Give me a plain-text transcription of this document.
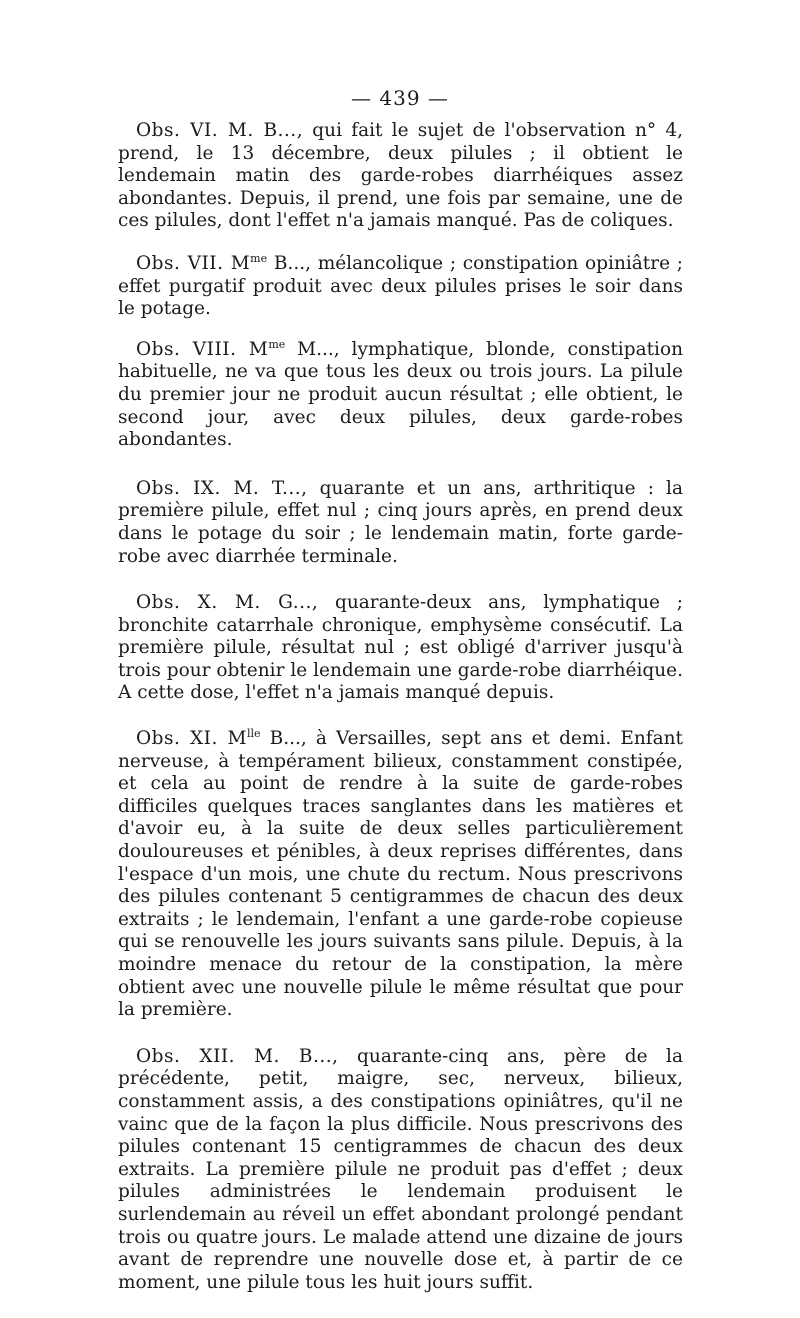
— 439 —

Obs. VI. M. B..., qui fait le sujet de l'observation n° 4, prend, le 13 décembre, deux pilules ; il obtient le lendemain matin des garde-robes diarrhéiques assez abondantes. Depuis, il prend, une fois par semaine, une de ces pilules, dont l'effet n'a jamais manqué. Pas de coliques.

Obs. VII. $M^{me}$ B..., mélancolique ; constipation opiniâtre ; effet purgatif produit avec deux pilules prises le soir dans le potage.

Obs. VIII. $M^{me}$ M..., lymphatique, blonde, constipation habituelle, ne va que tous les deux ou trois jours. La pilule du premier jour ne produit aucun résultat ; elle obtient, le second jour, avec deux pilules, deux garde-robes abondantes.

Obs. IX. M. T..., quarante et un ans, arthritique : la première pilule, effet nul ; cinq jours après, en prend deux dans le potage du soir ; le lendemain matin, forte garde-robe avec diarrhée terminale.

Obs. X. M. G..., quarante-deux ans, lymphatique ; bronchite catarrhale chronique, emphysème consécutif. La première pilule, résultat nul ; est obligé d'arriver jusqu'à trois pour obtenir le lendemain une garde-robe diarrhéique. A cette dose, l'effet n'a jamais manqué depuis.

Obs. XI. $M^{lle}$ B..., à Versailles, sept ans et demi. Enfant nerveuse, à tempérament bilieux, constamment constipée, et cela au point de rendre à la suite de garde-robes difficiles quelques traces sanglantes dans les matières et d'avoir eu, à la suite de deux selles particulièrement douloureuses et pénibles, à deux reprises différentes, dans l'espace d'un mois, une chute du rectum. Nous prescrivons des pilules contenant 5 centigrammes de chacun des deux extraits ; le lendemain, l'enfant a une garde-robe copieuse qui se renouvelle les jours suivants sans pilule. Depuis, à la moindre menace du retour de la constipation, la mère obtient avec une nouvelle pilule le même résultat que pour la première.

Obs. XII. M. B..., quarante-cinq ans, père de la précédente, petit, maigre, sec, nerveux, bilieux, constamment assis, a des constipations opiniâtres, qu'il ne vainc que de la façon la plus difficile. Nous prescrivons des pilules contenant 15 centigrammes de chacun des deux extraits. La première pilule ne produit pas d'effet ; deux pilules administrées le lendemain produisent le surlendemain au réveil un effet abondant prolongé pendant trois ou quatre jours. Le malade attend une dizaine de jours avant de reprendre une nouvelle dose et, à partir de ce moment, une pilule tous les huit jours suffit.
